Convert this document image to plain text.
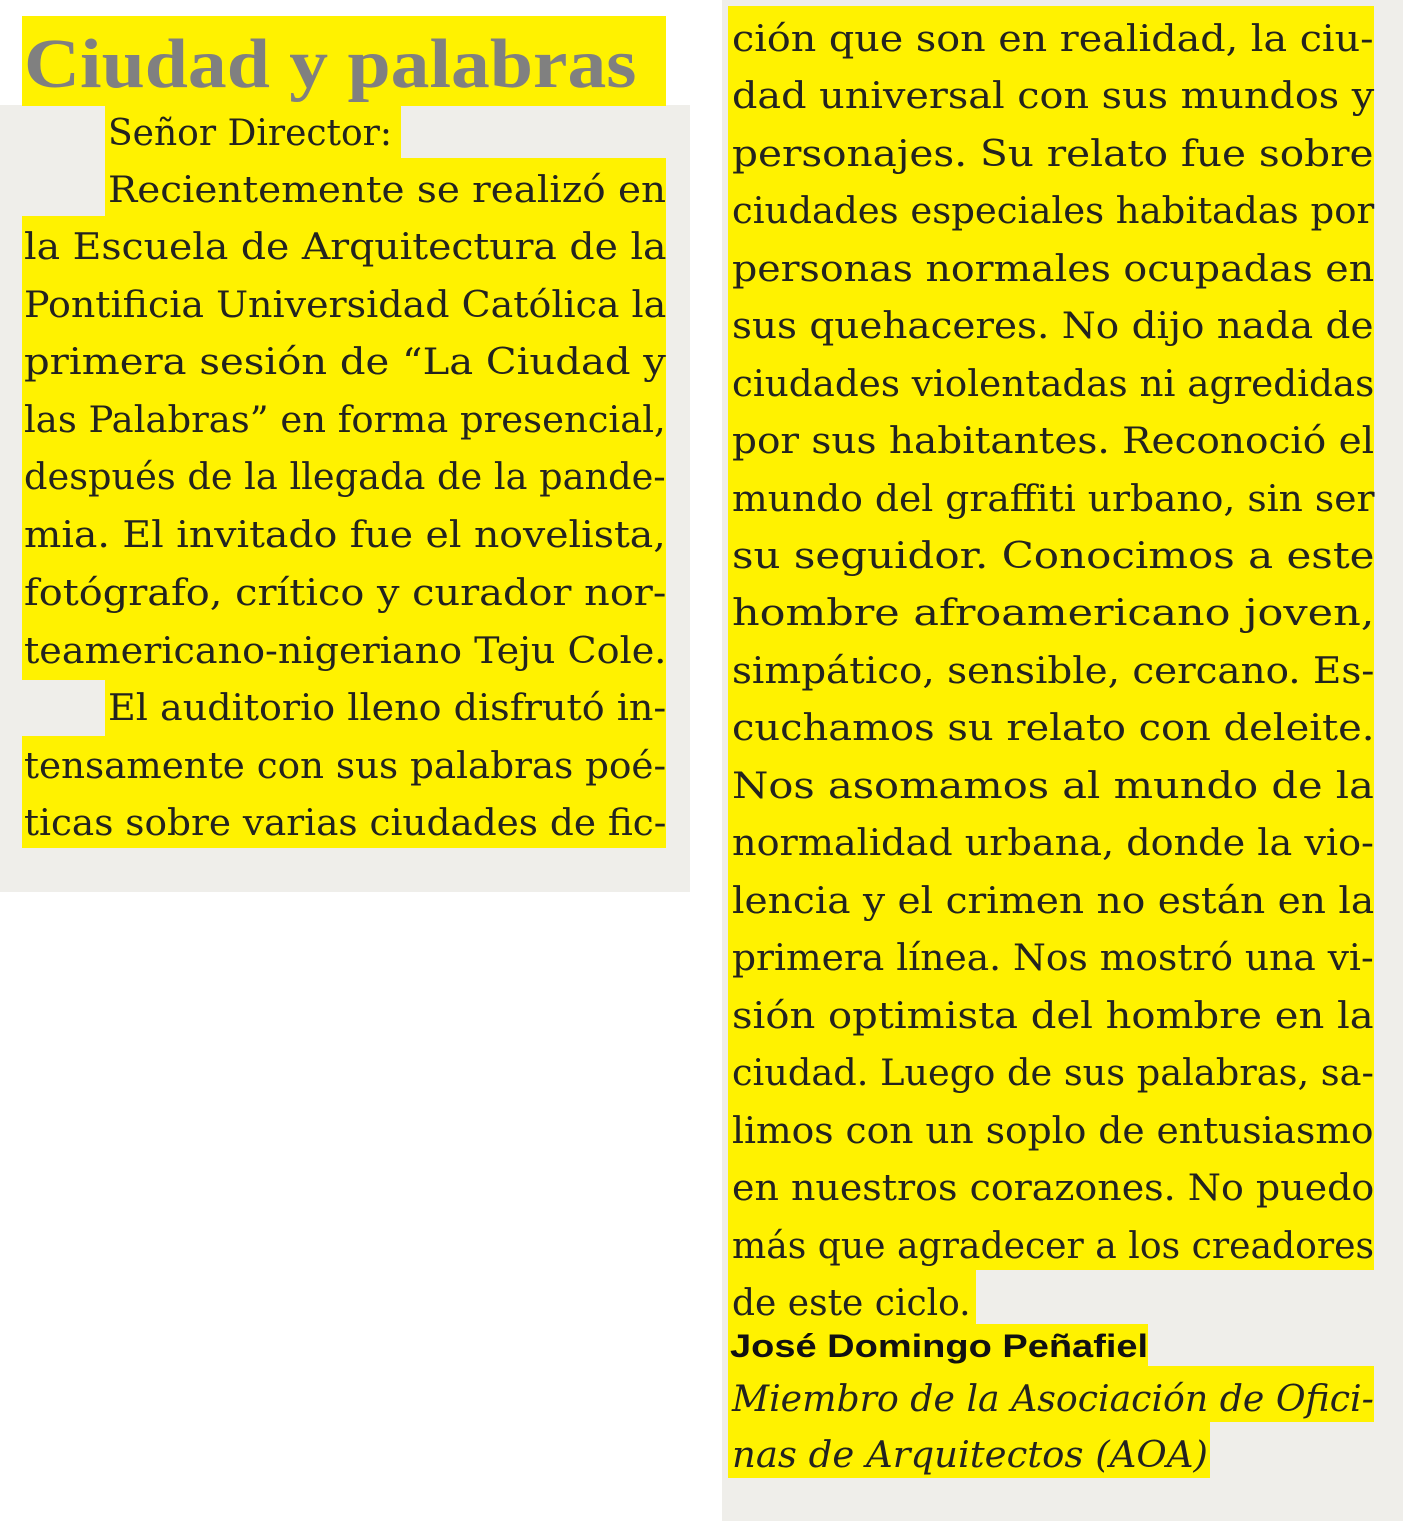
Ciudad y palabras
Señor Director:
Recientemente se realizó en
la Escuela de Arquitectura de la
Pontificia Universidad Católica la
primera sesión de “La Ciudad y
las Palabras” en forma presencial,
después de la llegada de la pande-
mia. El invitado fue el novelista,
fotógrafo, crítico y curador nor-
teamericano-nigeriano Teju Cole.
El auditorio lleno disfrutó in-
tensamente con sus palabras poé-
ticas sobre varias ciudades de fic-
ción que son en realidad, la ciu-
dad universal con sus mundos y
personajes. Su relato fue sobre
ciudades especiales habitadas por
personas normales ocupadas en
sus quehaceres. No dijo nada de
ciudades violentadas ni agredidas
por sus habitantes. Reconoció el
mundo del graffiti urbano, sin ser
su seguidor. Conocimos a este
hombre afroamericano joven,
simpático, sensible, cercano. Es-
cuchamos su relato con deleite.
Nos asomamos al mundo de la
normalidad urbana, donde la vio-
lencia y el crimen no están en la
primera línea. Nos mostró una vi-
sión optimista del hombre en la
ciudad. Luego de sus palabras, sa-
limos con un soplo de entusiasmo
en nuestros corazones. No puedo
más que agradecer a los creadores
de este ciclo.
José Domingo Peñafiel
Miembro de la Asociación de Ofici-
nas de Arquitectos (AOA)
